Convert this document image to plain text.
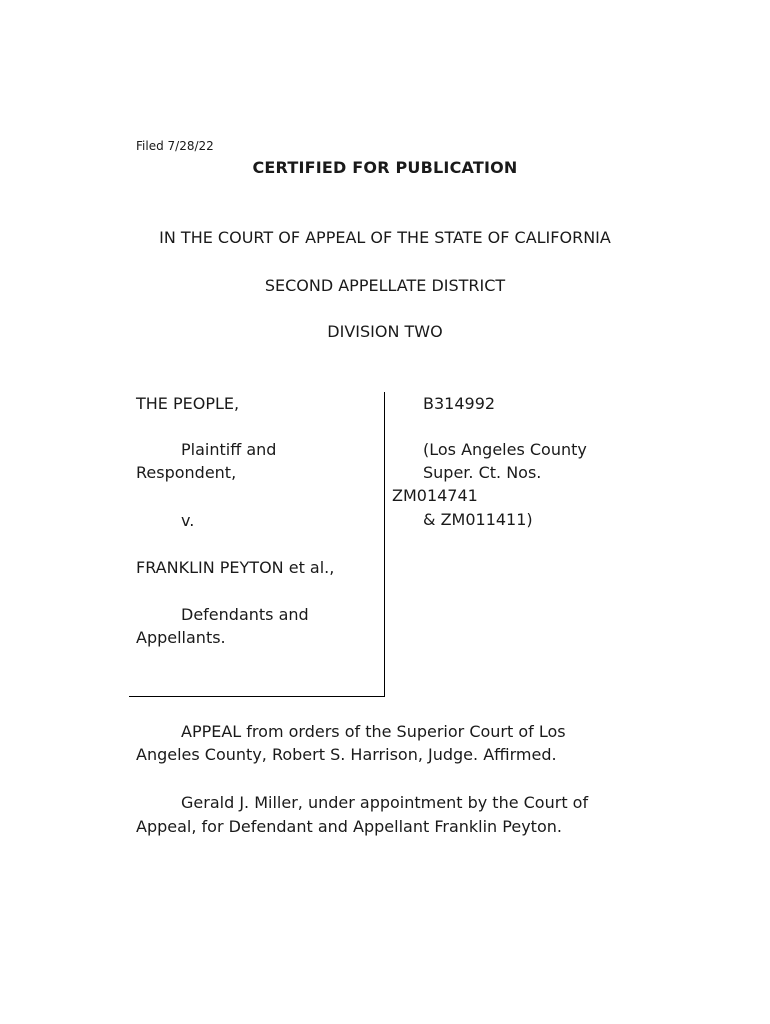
Filed 7/28/22
CERTIFIED FOR PUBLICATION
IN THE COURT OF APPEAL OF THE STATE OF CALIFORNIA
SECOND APPELLATE DISTRICT
DIVISION TWO
THE PEOPLE,
Plaintiff and
Respondent,
v.
FRANKLIN PEYTON et al.,
Defendants and
Appellants.
B314992
(Los Angeles County
Super. Ct. Nos.
ZM014741
& ZM011411)
APPEAL from orders of the Superior Court of Los
Angeles County, Robert S. Harrison, Judge. Affirmed.
Gerald J. Miller, under appointment by the Court of
Appeal, for Defendant and Appellant Franklin Peyton.
